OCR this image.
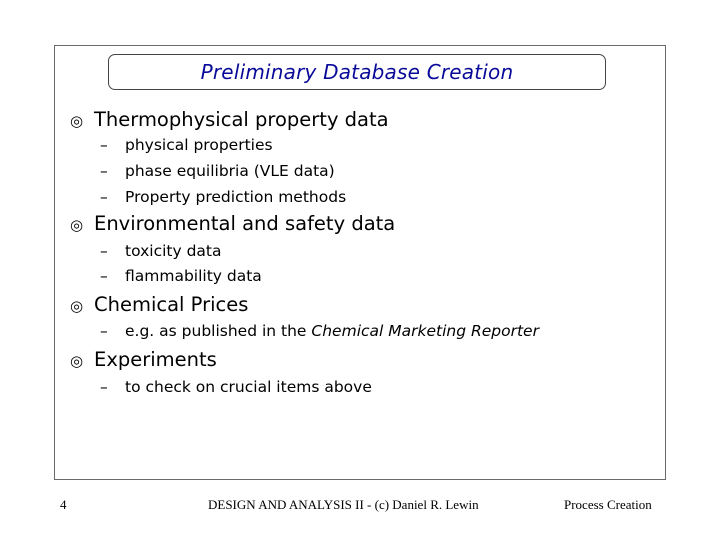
Preliminary Database Creation
◎ Thermophysical property data
–	physical properties
–	phase equilibria (VLE data)
–	Property prediction methods
◎ Environmental and safety data
–	toxicity data
–	flammability data
◎ Chemical Prices
–	e.g. as published in the Chemical Marketing Reporter
◎ Experiments
–	to check on crucial items above
4	DESIGN AND ANALYSIS II - (c) Daniel R. Lewin	Process Creation
